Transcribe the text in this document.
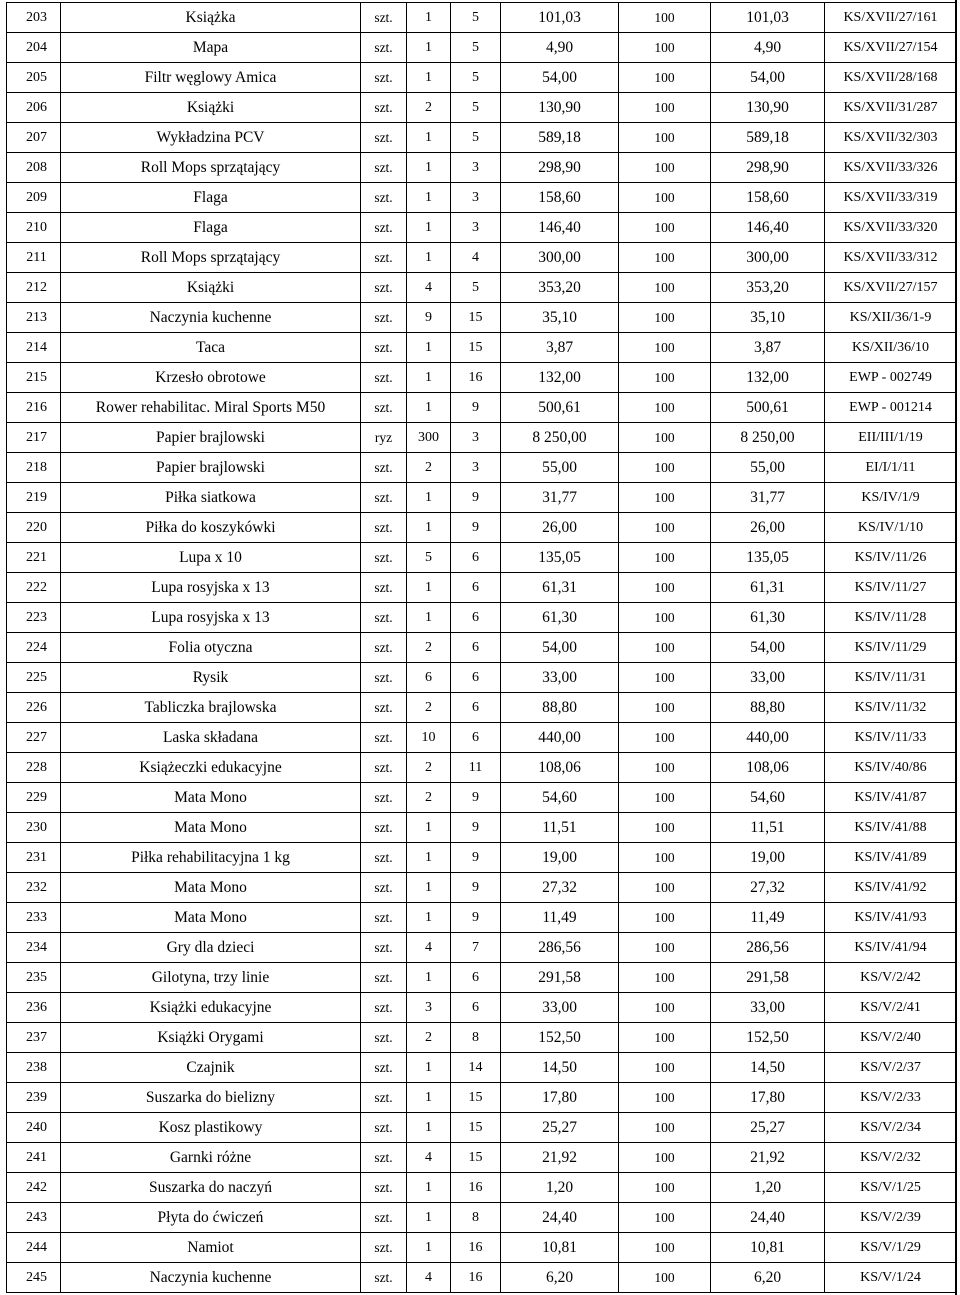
203	Książka	szt.	1	5	101,03	100	101,03	KS/XVII/27/161
204	Mapa	szt.	1	5	4,90	100	4,90	KS/XVII/27/154
205	Filtr węglowy Amica	szt.	1	5	54,00	100	54,00	KS/XVII/28/168
206	Książki	szt.	2	5	130,90	100	130,90	KS/XVII/31/287
207	Wykładzina PCV	szt.	1	5	589,18	100	589,18	KS/XVII/32/303
208	Roll Mops sprzątający	szt.	1	3	298,90	100	298,90	KS/XVII/33/326
209	Flaga	szt.	1	3	158,60	100	158,60	KS/XVII/33/319
210	Flaga	szt.	1	3	146,40	100	146,40	KS/XVII/33/320
211	Roll Mops sprzątający	szt.	1	4	300,00	100	300,00	KS/XVII/33/312
212	Książki	szt.	4	5	353,20	100	353,20	KS/XVII/27/157
213	Naczynia kuchenne	szt.	9	15	35,10	100	35,10	KS/XII/36/1-9
214	Taca	szt.	1	15	3,87	100	3,87	KS/XII/36/10
215	Krzesło obrotowe	szt.	1	16	132,00	100	132,00	EWP - 002749
216	Rower rehabilitac. Miral Sports M50	szt.	1	9	500,61	100	500,61	EWP - 001214
217	Papier brajlowski	ryz	300	3	8 250,00	100	8 250,00	EII/III/1/19
218	Papier brajlowski	szt.	2	3	55,00	100	55,00	EI/I/1/11
219	Piłka siatkowa	szt.	1	9	31,77	100	31,77	KS/IV/1/9
220	Piłka do koszykówki	szt.	1	9	26,00	100	26,00	KS/IV/1/10
221	Lupa x 10	szt.	5	6	135,05	100	135,05	KS/IV/11/26
222	Lupa rosyjska x 13	szt.	1	6	61,31	100	61,31	KS/IV/11/27
223	Lupa rosyjska x 13	szt.	1	6	61,30	100	61,30	KS/IV/11/28
224	Folia otyczna	szt.	2	6	54,00	100	54,00	KS/IV/11/29
225	Rysik	szt.	6	6	33,00	100	33,00	KS/IV/11/31
226	Tabliczka brajlowska	szt.	2	6	88,80	100	88,80	KS/IV/11/32
227	Laska składana	szt.	10	6	440,00	100	440,00	KS/IV/11/33
228	Książeczki edukacyjne	szt.	2	11	108,06	100	108,06	KS/IV/40/86
229	Mata Mono	szt.	2	9	54,60	100	54,60	KS/IV/41/87
230	Mata Mono	szt.	1	9	11,51	100	11,51	KS/IV/41/88
231	Piłka rehabilitacyjna 1 kg	szt.	1	9	19,00	100	19,00	KS/IV/41/89
232	Mata Mono	szt.	1	9	27,32	100	27,32	KS/IV/41/92
233	Mata Mono	szt.	1	9	11,49	100	11,49	KS/IV/41/93
234	Gry dla dzieci	szt.	4	7	286,56	100	286,56	KS/IV/41/94
235	Gilotyna, trzy linie	szt.	1	6	291,58	100	291,58	KS/V/2/42
236	Książki edukacyjne	szt.	3	6	33,00	100	33,00	KS/V/2/41
237	Książki Orygami	szt.	2	8	152,50	100	152,50	KS/V/2/40
238	Czajnik	szt.	1	14	14,50	100	14,50	KS/V/2/37
239	Suszarka do bielizny	szt.	1	15	17,80	100	17,80	KS/V/2/33
240	Kosz plastikowy	szt.	1	15	25,27	100	25,27	KS/V/2/34
241	Garnki różne	szt.	4	15	21,92	100	21,92	KS/V/2/32
242	Suszarka do naczyń	szt.	1	16	1,20	100	1,20	KS/V/1/25
243	Płyta do ćwiczeń	szt.	1	8	24,40	100	24,40	KS/V/2/39
244	Namiot	szt.	1	16	10,81	100	10,81	KS/V/1/29
245	Naczynia kuchenne	szt.	4	16	6,20	100	6,20	KS/V/1/24
